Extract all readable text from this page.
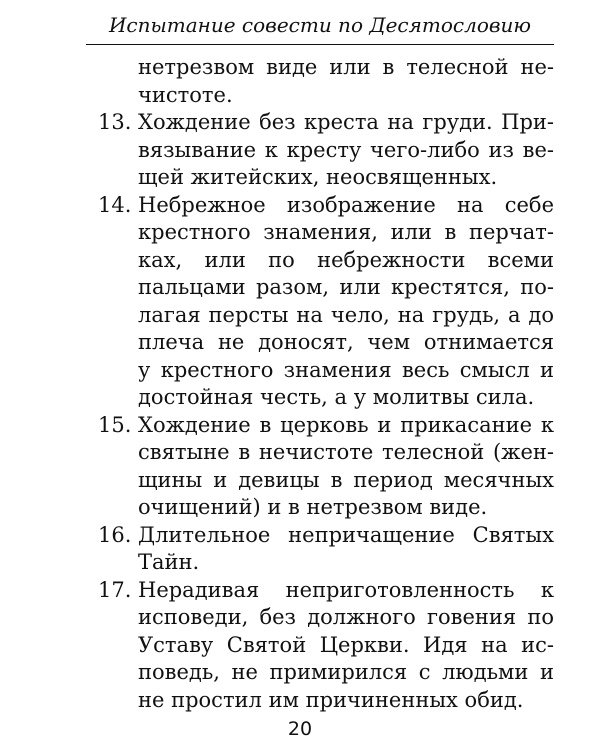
Испытание совести по Десятословию
нетрезвом виде или в телесной не-
чистоте.
13. Хождение без креста на груди. При-
вязывание к кресту чего-либо из ве-
щей житейских, неосвященных.
14. Небрежное изображение на себе
крестного знамения, или в перчат-
ках, или по небрежности всеми
пальцами разом, или крестятся, по-
лагая персты на чело, на грудь, а до
плеча не доносят, чем отнимается
у крестного знамения весь смысл и
достойная честь, а у молитвы сила.
15. Хождение в церковь и прикасание к
святыне в нечистоте телесной (жен-
щины и девицы в период месячных
очищений) и в нетрезвом виде.
16. Длительное непричащение Святых
Тайн.
17. Нерадивая неприготовленность к
исповеди, без должного говения по
Уставу Святой Церкви. Идя на ис-
поведь, не примирился с людьми и
не простил им причиненных обид.
20
